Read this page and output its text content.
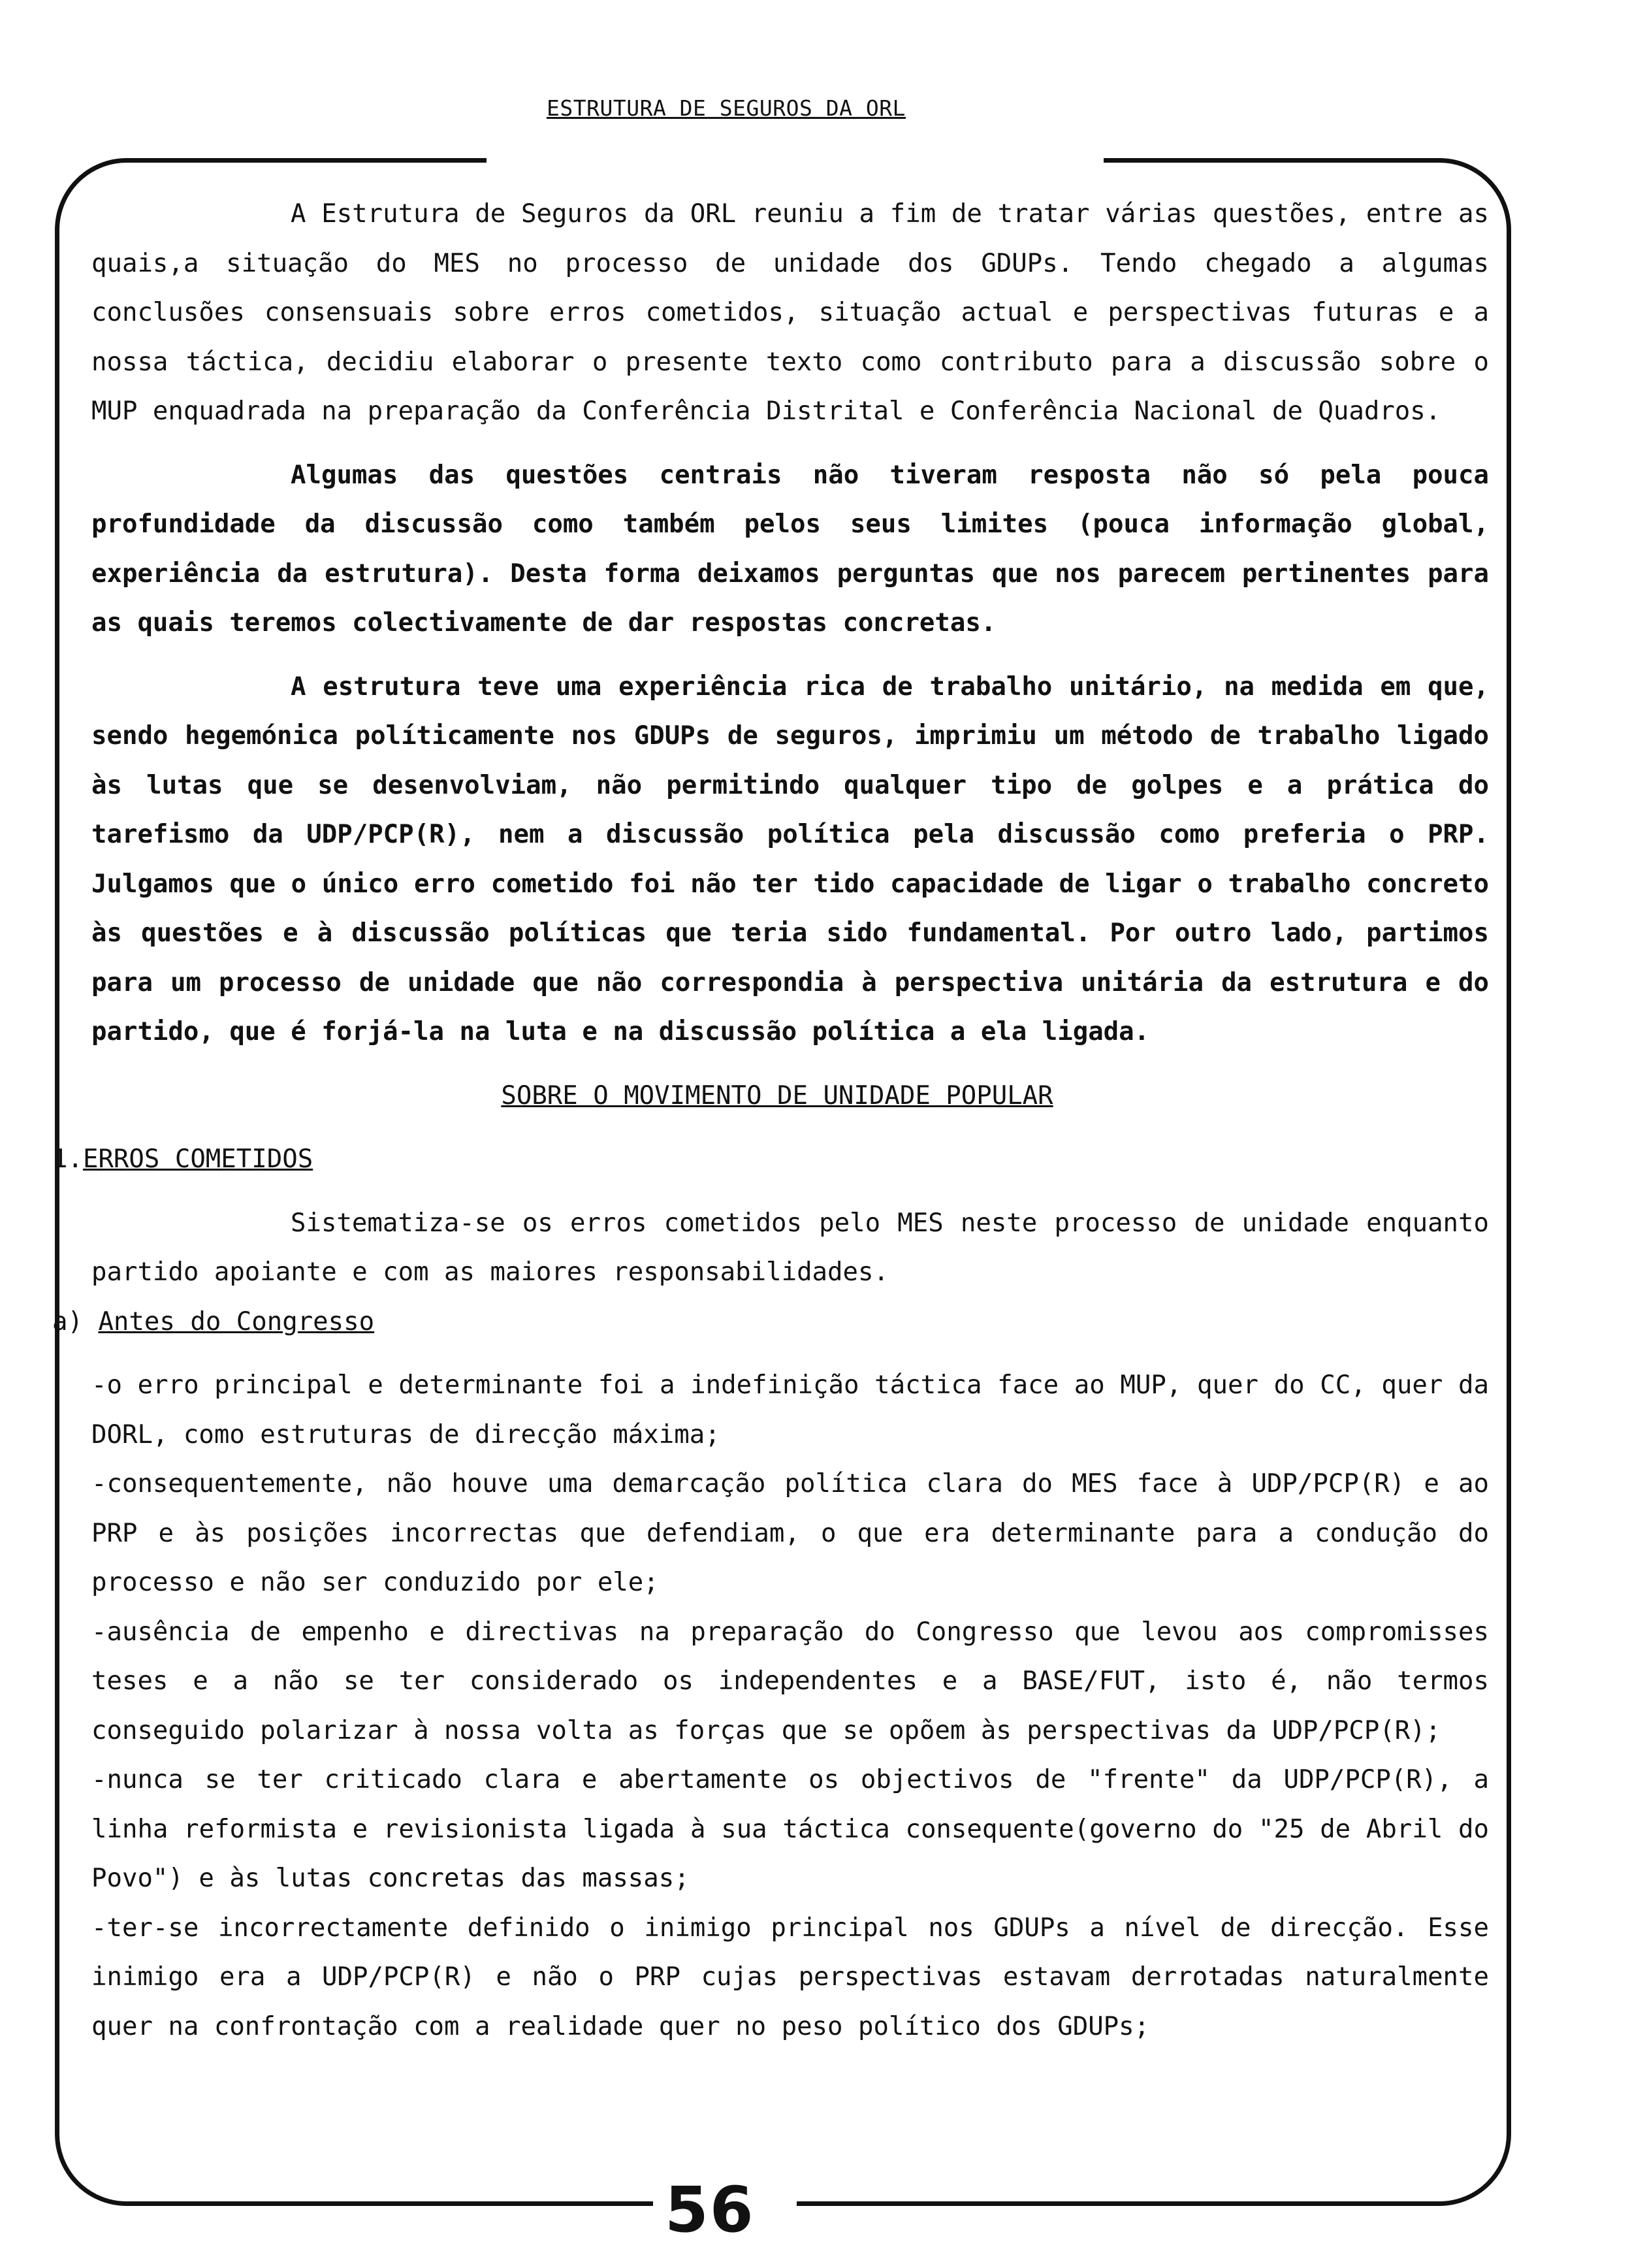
ESTRUTURA DE SEGUROS DA ORL
56

A Estrutura de Seguros da ORL reuniu a fim de tratar várias questões, entre as quais,a situação do MES no processo de unidade dos GDUPs. Tendo chegado a algumas conclusões consensuais sobre erros cometidos, situação actual e perspectivas futuras e a nossa táctica, decidiu elaborar o presente texto como contributo para a discussão sobre o MUP enquadrada na preparação da Conferência Distrital e Conferência Nacional de Quadros.

Algumas das questões centrais não tiveram resposta não só pela pouca profundidade da discussão como também pelos seus limites (pouca informação global, experiência da estrutura). Desta forma deixamos perguntas que nos parecem pertinentes para as quais teremos colectivamente de dar respostas concretas.

A estrutura teve uma experiência rica de trabalho unitário, na medida em que, sendo hegemónica políticamente nos GDUPs de seguros, imprimiu um método de trabalho ligado às lutas que se desenvolviam, não permitindo qualquer tipo de golpes e a prática do tarefismo da UDP/PCP(R), nem a discussão política pela discussão como preferia o PRP. Julgamos que o único erro cometido foi não ter tido capacidade de ligar o trabalho concreto às questões e à discussão políticas que teria sido fundamental. Por outro lado, partimos para um processo de unidade que não correspondia à perspectiva unitária da estrutura e do partido, que é forjá-la na luta e na discussão política a ela ligada.

SOBRE O MOVIMENTO DE UNIDADE POPULAR

1.ERROS COMETIDOS

Sistematiza-se os erros cometidos pelo MES neste processo de unidade enquanto partido apoiante e com as maiores responsabilidades.

a) Antes do Congresso

-o erro principal e determinante foi a indefinição táctica face ao MUP, quer do CC, quer da DORL, como estruturas de direcção máxima;

-consequentemente, não houve uma demarcação política clara do MES face à UDP/PCP(R) e ao PRP e às posições incorrectas que defendiam, o que era determinante para a condução do processo e não ser conduzido por ele;

-ausência de empenho e directivas na preparação do Congresso que levou aos compromisses teses e a não se ter considerado os independentes e a BASE/FUT, isto é, não termos conseguido polarizar à nossa volta as forças que se opõem às perspectivas da UDP/PCP(R);

-nunca se ter criticado clara e abertamente os objectivos de "frente" da UDP/PCP(R), a linha reformista e revisionista ligada à sua táctica consequente(governo do "25 de Abril do Povo") e às lutas concretas das massas;

-ter-se incorrectamente definido o inimigo principal nos GDUPs a nível de direcção. Esse inimigo era a UDP/PCP(R) e não o PRP cujas perspectivas estavam derrotadas naturalmente quer na confrontação com a realidade quer no peso político dos GDUPs;
